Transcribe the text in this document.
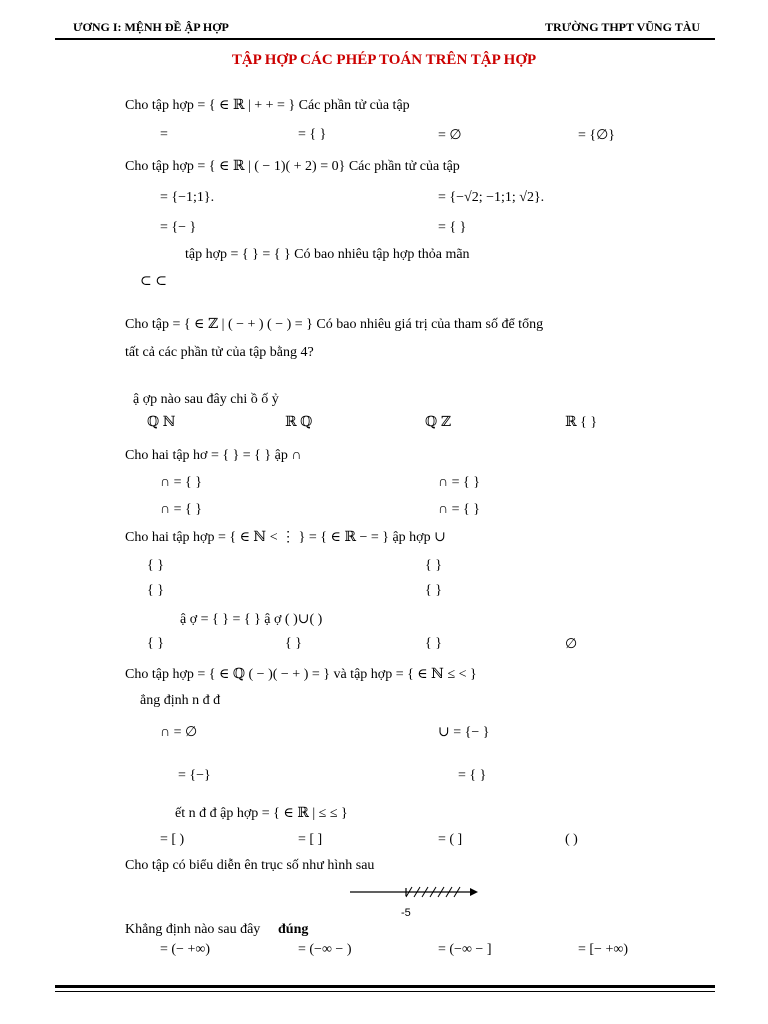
ƯƠNG I: MỆNH ĐỀ ẬP HỢP	TRƯỜNG THPT VŨNG TÀU
TẬP HỢP CÁC PHÉP TOÁN TRÊN TẬP HỢP
Cho tập hợp = { ∈ ℝ | + + = } Các phần tử của tập
=	= { }	= ∅	= {∅}
Cho tập hợp = { ∈ ℝ | ( − 1)( + 2) = 0} Các phần tử của tập
= {−1;1}.	= {−√2; −1;1; √2}.
= {− }	= { }
tập hợp = { } = { } Có bao nhiêu tập hợp thỏa mãn
⊂ ⊂
Cho tập = { ∈ ℤ | ( − + ) ( − ) = } Có bao nhiêu giá trị của tham số để tổng
tất cả các phần tử của tập bằng 4?
ậ ợp nào sau đây chi ồ ố ỷ
ℚ ℕ	ℝ ℚ	ℚ ℤ	ℝ { }
Cho hai tập hơ = { } = { } ập ∩
∩ = { }	∩ = { }
∩ = { }	∩ = { }
Cho hai tập hợp = { ∈ ℕ < ⋮ } = { ∈ ℝ − = } ập hợp ∪
{ }	{ }
{ }	{ }
ậ ợ = { } = { } ậ ợ ( )∪( )
{ }	{ }	{ }	∅
Cho tập hợp = { ∈ ℚ ( − )( − + ) = } và tập hợp = { ∈ ℕ ≤ < }
ẳng định n đ đ
∩ = ∅	∪ = {− }
= {−}	= { }
ết n đ đ ập hợp = { ∈ ℝ | ≤ ≤ }
= [ )	= [ ]	= ( ]	( )
Cho tập có biểu diễn ên trục số như hình sau
Khẳng định nào sau đây
= (− +∞)	= (−∞ − )	= (−∞ − ]	= [− +∞)
đúng
-5
